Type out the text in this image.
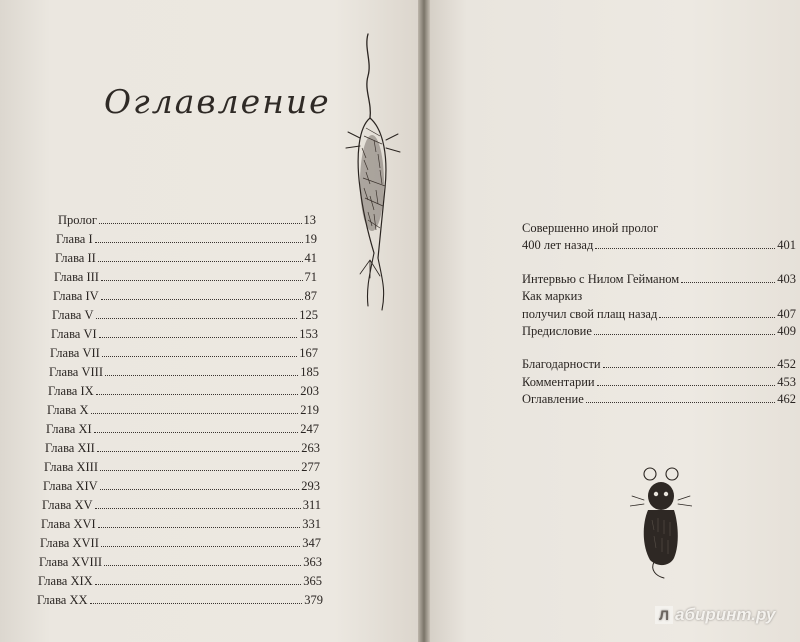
Оглавление
Пролог	13
Глава I	19
Глава II	41
Глава III	71
Глава IV	87
Глава V	125
Глава VI	153
Глава VII	167
Глава VIII	185
Глава IX	203
Глава X	219
Глава XI	247
Глава XII	263
Глава XIII	277
Глава XIV	293
Глава XV	311
Глава XVI	331
Глава XVII	347
Глава XVIII	363
Глава XIX	365
Глава XX	379
Совершенно иной пролог
400 лет назад	401
Интервью с Нилом Гейманом	403
Как маркиз
получил свой плащ назад	407
Предисловие	409
Благодарности	452
Комментарии	453
Оглавление	462
Л абиринт.ру
